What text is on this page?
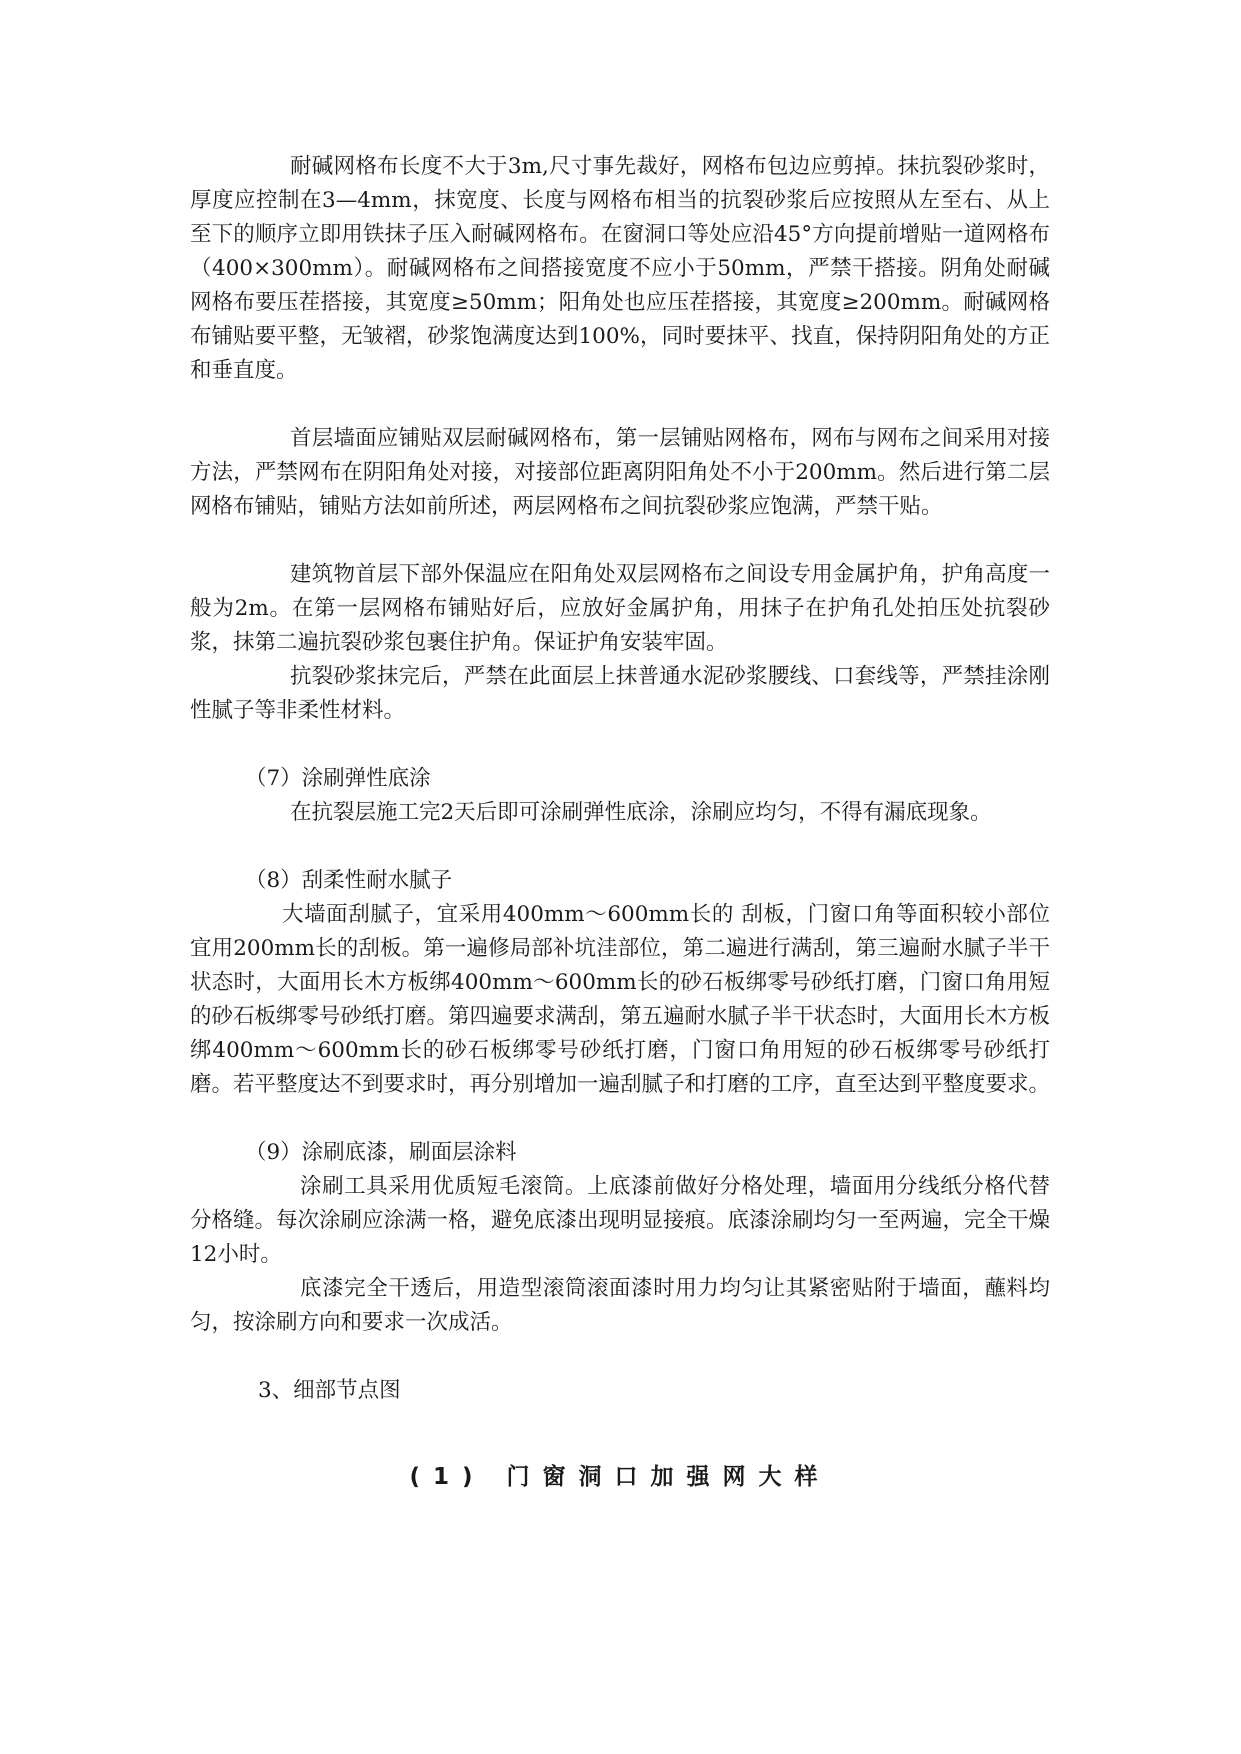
耐碱网格布长度不大于3m,尺寸事先裁好，网格布包边应剪掉。抹抗裂砂浆时，厚度应控制在3—4mm，抹宽度、长度与网格布相当的抗裂砂浆后应按照从左至右、从上至下的顺序立即用铁抹子压入耐碱网格布。在窗洞口等处应沿45°方向提前增贴一道网格布（400×300mm）。耐碱网格布之间搭接宽度不应小于50mm，严禁干搭接。阴角处耐碱网格布要压茬搭接，其宽度≥50mm；阳角处也应压茬搭接，其宽度≥200mm。耐碱网格布铺贴要平整，无皱褶，砂浆饱满度达到100%，同时要抹平、找直，保持阴阳角处的方正和垂直度。

首层墙面应铺贴双层耐碱网格布，第一层铺贴网格布，网布与网布之间采用对接方法，严禁网布在阴阳角处对接，对接部位距离阴阳角处不小于200mm。然后进行第二层网格布铺贴，铺贴方法如前所述，两层网格布之间抗裂砂浆应饱满，严禁干贴。

建筑物首层下部外保温应在阳角处双层网格布之间设专用金属护角，护角高度一般为2m。在第一层网格布铺贴好后，应放好金属护角，用抹子在护角孔处拍压处抗裂砂浆，抹第二遍抗裂砂浆包裹住护角。保证护角安装牢固。

抗裂砂浆抹完后，严禁在此面层上抹普通水泥砂浆腰线、口套线等，严禁挂涂刚性腻子等非柔性材料。

（7）涂刷弹性底涂

在抗裂层施工完2天后即可涂刷弹性底涂，涂刷应均匀，不得有漏底现象。

（8）刮柔性耐水腻子

大墙面刮腻子，宜采用400mm～600mm长的 刮板，门窗口角等面积较小部位宜用200mm长的刮板。第一遍修局部补坑洼部位，第二遍进行满刮，第三遍耐水腻子半干状态时，大面用长木方板绑400mm～600mm长的砂石板绑零号砂纸打磨，门窗口角用短的砂石板绑零号砂纸打磨。第四遍要求满刮，第五遍耐水腻子半干状态时，大面用长木方板绑400mm～600mm长的砂石板绑零号砂纸打磨，门窗口角用短的砂石板绑零号砂纸打磨。若平整度达不到要求时，再分别增加一遍刮腻子和打磨的工序，直至达到平整度要求。

（9）涂刷底漆，刷面层涂料

涂刷工具采用优质短毛滚筒。上底漆前做好分格处理，墙面用分线纸分格代替分格缝。每次涂刷应涂满一格，避免底漆出现明显接痕。底漆涂刷均匀一至两遍，完全干燥12小时。

底漆完全干透后，用造型滚筒滚面漆时用力均匀让其紧密贴附于墙面，蘸料均匀，按涂刷方向和要求一次成活。

3、细部节点图

(1) 门窗洞口加强网大样
